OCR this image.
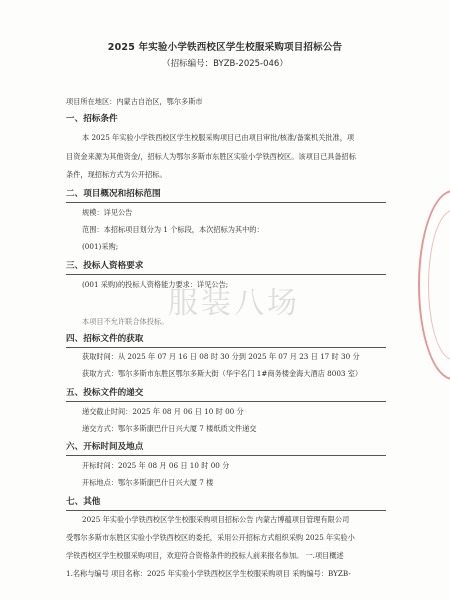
2025 年实验小学铁西校区学生校服采购项目招标公告
（招标编号：BYZB-2025-046）
项目所在地区：内蒙古自治区，鄂尔多斯市
一、招标条件
本 2025 年实验小学铁西校区学生校服采购项目已由项目审批/核准/备案机关批准，项
目资金来源为其他资金/，招标人为鄂尔多斯市东胜区实验小学铁西校区。该项目已具备招标
条件，现招标方式为公开招标。
二、项目概况和招标范围
规模：详见公告
范围：本招标项目划分为 1 个标段，本次招标为其中的：
(001)采购;
三、投标人资格要求
(001 采购)的投标人资格能力要求：详见公告;
本项目不允许联合体投标。
四、招标文件的获取
获取时间：从 2025 年 07 月 16 日 08 时 30 分到 2025 年 07 月 23 日 17 时 30 分
获取方式：鄂尔多斯市东胜区鄂尔多斯大街（华宇名门 1#商务楼金海大酒店 8003 室）
五、投标文件的递交
递交截止时间：2025 年 08 月 06 日 10 时 00 分
递交方式：鄂尔多斯康巴什日兴大厦 7 楼纸质文件递交
六、开标时间及地点
开标时间：2025 年 08 月 06 日 10 时 00 分
开标地点：鄂尔多斯康巴什日兴大厦 7 楼
七、其他
2025 年实验小学铁西校区学生校服采购项目招标公告 内蒙古博蕴项目管理有限公司
受鄂尔多斯市东胜区实验小学铁西校区的委托，采用公开招标方式组织采购 2025 年实验小
学铁西校区学生校服采购项目，欢迎符合资格条件的投标人前来报名参加。 一.项目概述
1.名称与编号 项目名称：2025 年实验小学铁西校区学生校服采购项目 采购编号：BYZB-
服装八场
